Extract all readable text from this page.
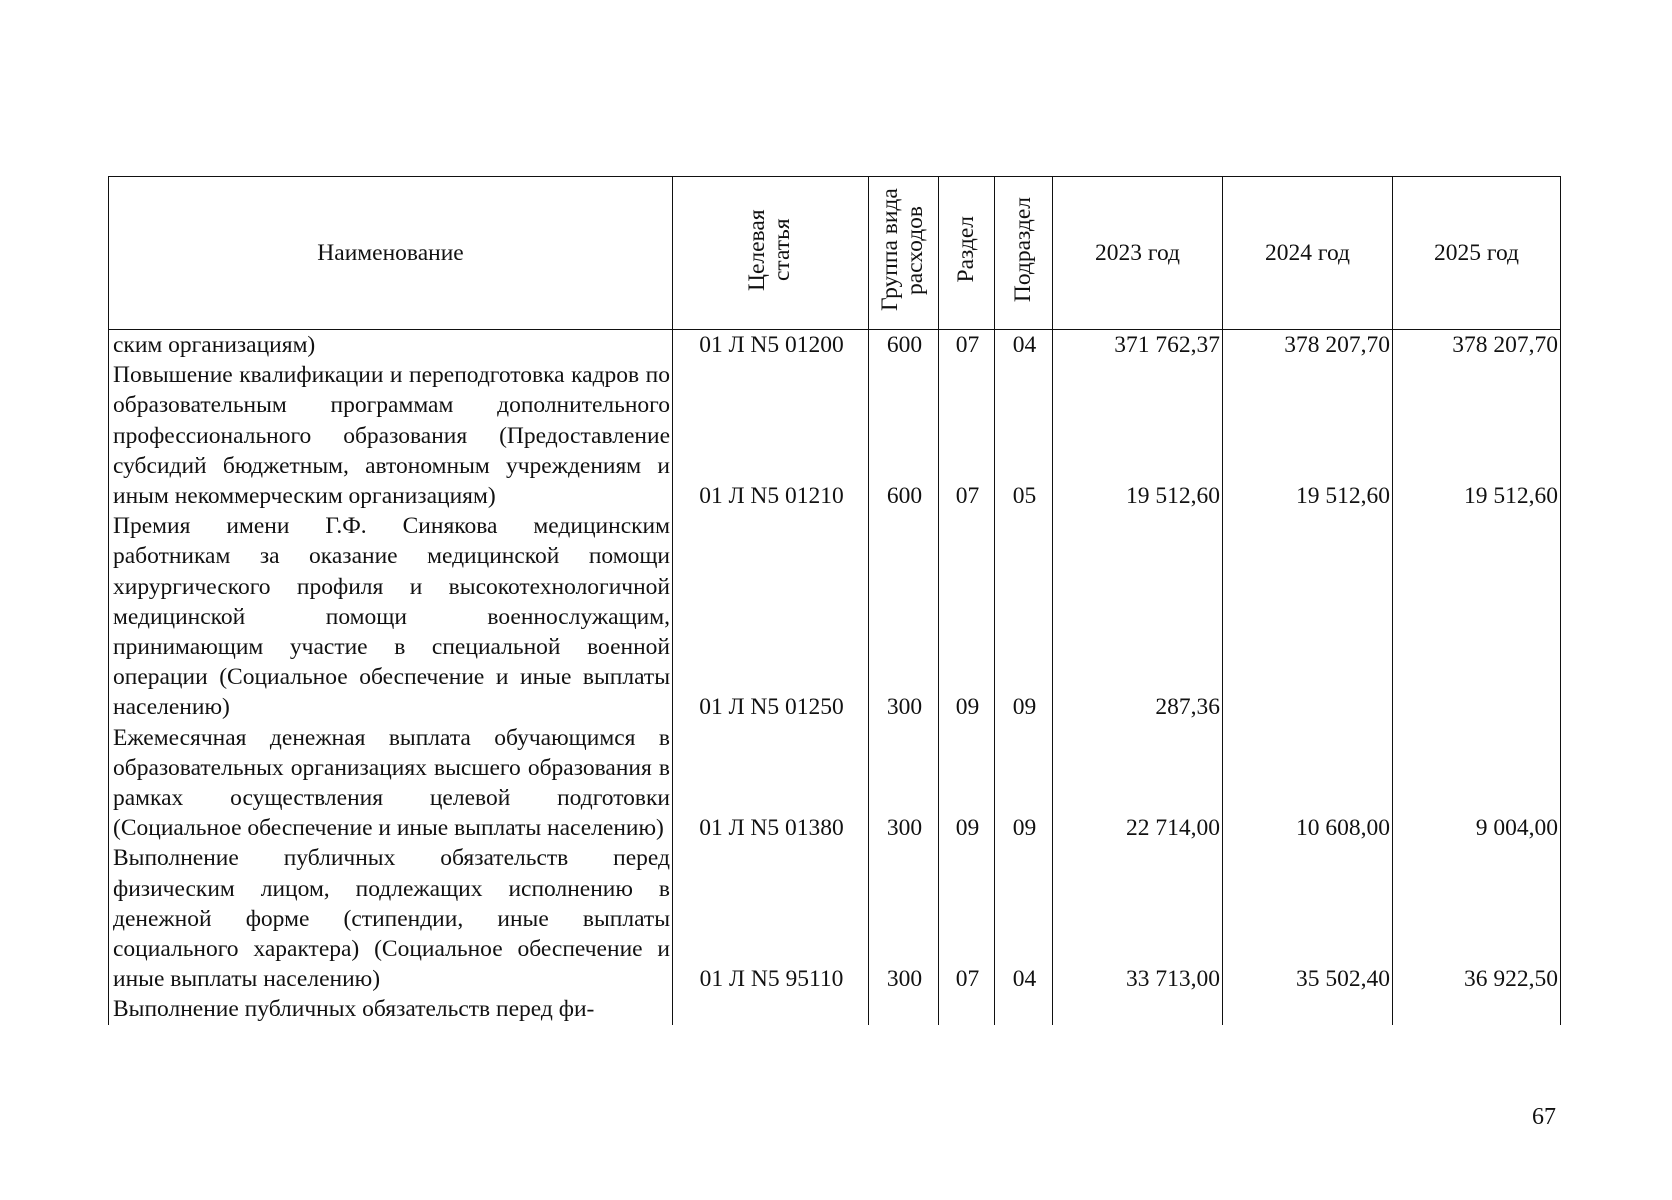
Наименование	Целевая статья	Группа вида расходов	Раздел	Подраздел	2023 год	2024 год	2025 год
ским организациям)	01 Л N5 01200	600	07	04	371 762,37	378 207,70	378 207,70
Повышение квалификации и переподготовка кадров по образовательным программам дополнительного профессионального образования (Предоставление субсидий бюджетным, автономным учреждениям и иным некоммерческим организациям)	01 Л N5 01210	600	07	05	19 512,60	19 512,60	19 512,60
Премия имени Г.Ф. Синякова медицинским работникам за оказание медицинской помощи хирургического профиля и высокотехнологичной медицинской помощи военнослужащим, принимающим участие в специальной военной операции (Социальное обеспечение и иные выплаты населению)	01 Л N5 01250	300	09	09	287,36		
Ежемесячная денежная выплата обучающимся в образовательных организациях высшего образования в рамках осуществления целевой подготовки (Социальное обеспечение и иные выплаты населению)	01 Л N5 01380	300	09	09	22 714,00	10 608,00	9 004,00
Выполнение публичных обязательств перед физическим лицом, подлежащих исполнению в денежной форме (стипендии, иные выплаты социального характера) (Социальное обеспечение и иные выплаты населению)	01 Л N5 95110	300	07	04	33 713,00	35 502,40	36 922,50
Выполнение публичных обязательств перед фи-							
67
